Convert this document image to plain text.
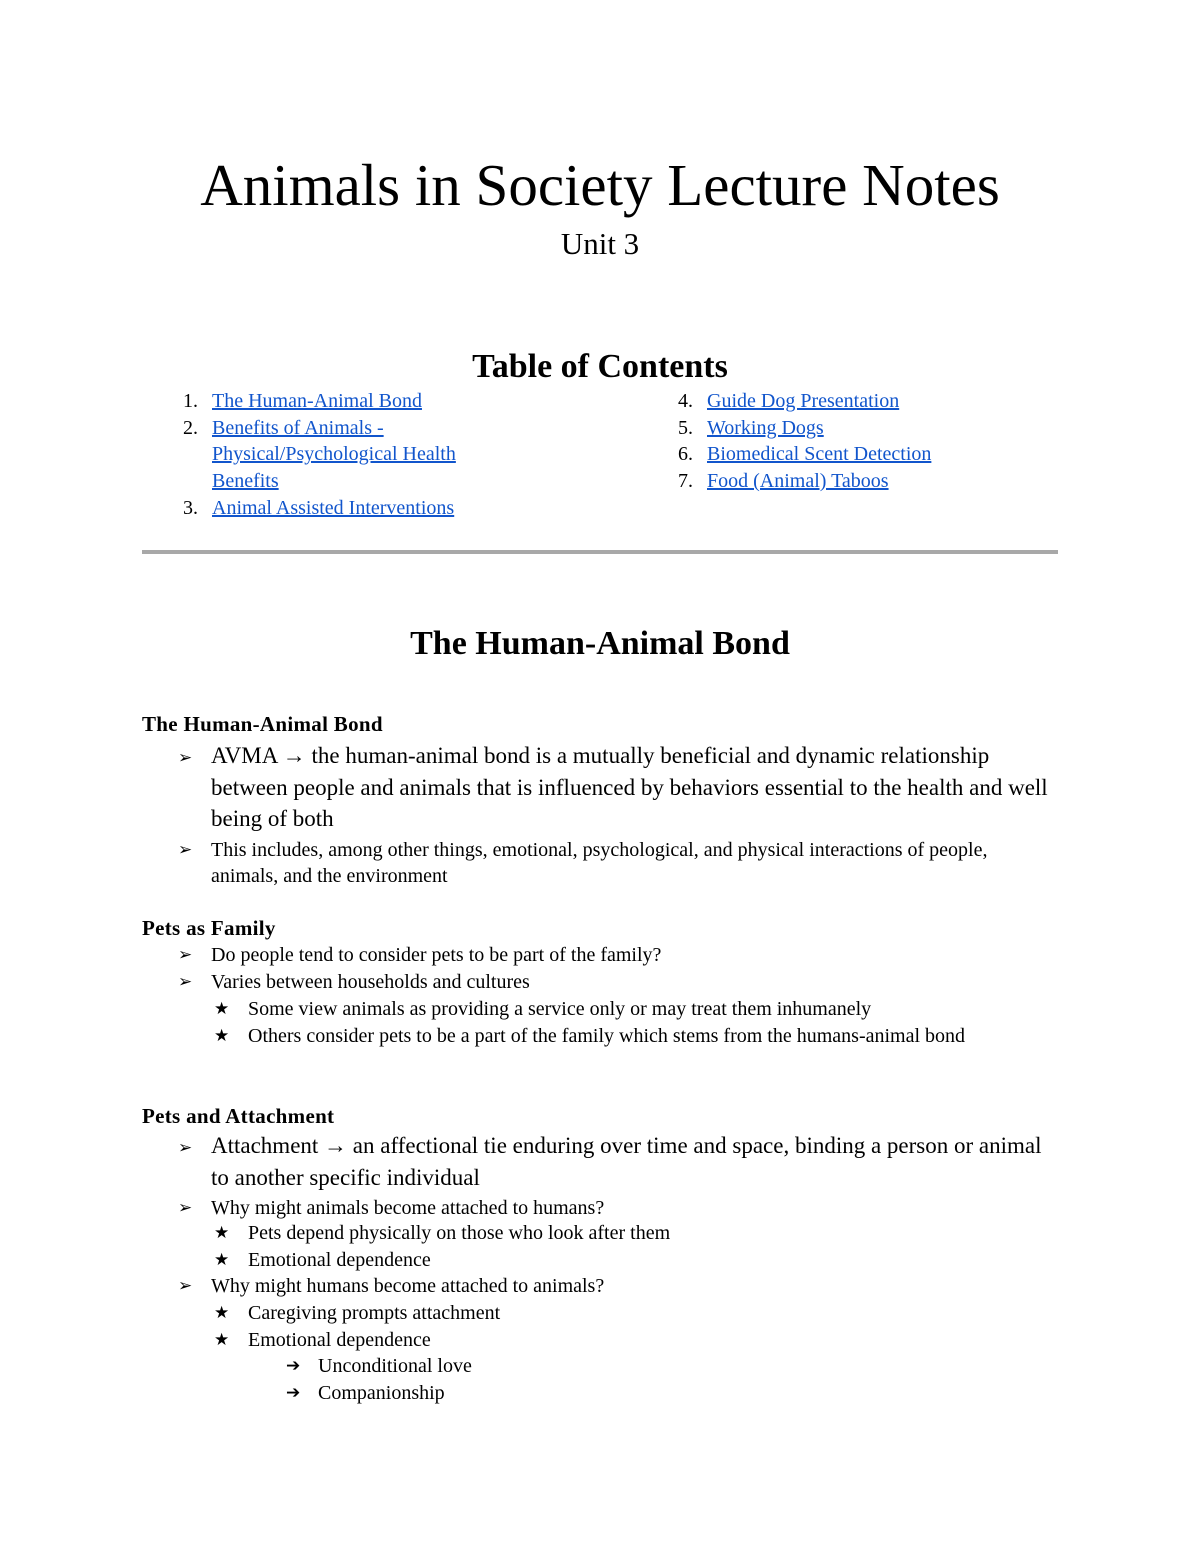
Animals in Society Lecture Notes
Unit 3
Table of Contents
1. The Human-Animal Bond
2. Benefits of Animals - Physical/Psychological Health Benefits
3. Animal Assisted Interventions
4. Guide Dog Presentation
5. Working Dogs
6. Biomedical Scent Detection
7. Food (Animal) Taboos
The Human-Animal Bond
The Human-Animal Bond
➢ AVMA → the human-animal bond is a mutually beneficial and dynamic relationship between people and animals that is influenced by behaviors essential to the health and well being of both
➢ This includes, among other things, emotional, psychological, and physical interactions of people, animals, and the environment
Pets as Family
➢ Do people tend to consider pets to be part of the family?
➢ Varies between households and cultures
★ Some view animals as providing a service only or may treat them inhumanely
★ Others consider pets to be a part of the family which stems from the humans-animal bond
Pets and Attachment
➢ Attachment → an affectional tie enduring over time and space, binding a person or animal to another specific individual
➢ Why might animals become attached to humans?
★ Pets depend physically on those who look after them
★ Emotional dependence
➢ Why might humans become attached to animals?
★ Caregiving prompts attachment
★ Emotional dependence
➔ Unconditional love
➔ Companionship
